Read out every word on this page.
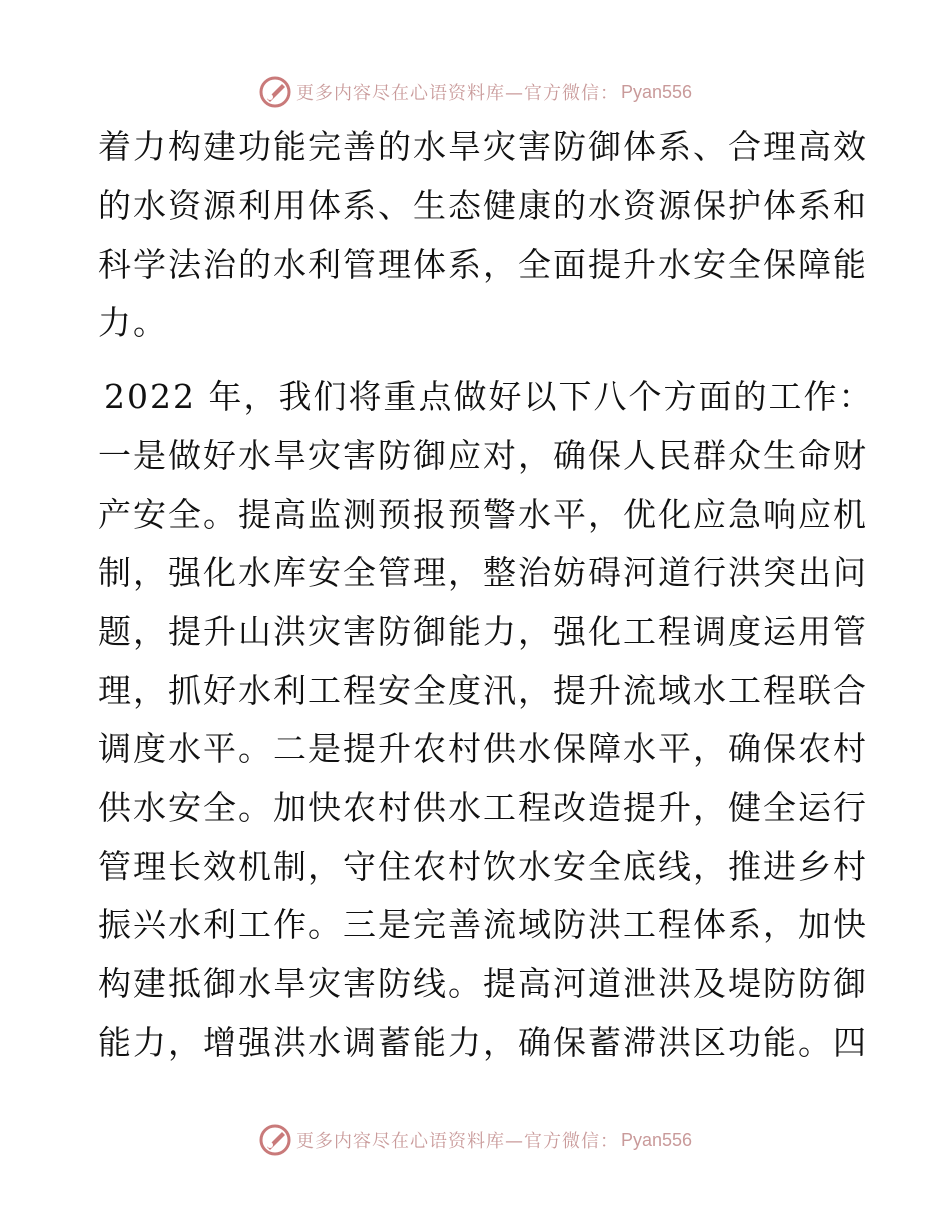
更多内容尽在心语资料库—官方微信： Pyan556
着力构建功能完善的水旱灾害防御体系、合理高效
的水资源利用体系、生态健康的水资源保护体系和
科学法治的水利管理体系，全面提升水安全保障能
力。
2022 年，我们将重点做好以下八个方面的工作：
一是做好水旱灾害防御应对，确保人民群众生命财
产安全。提高监测预报预警水平，优化应急响应机
制，强化水库安全管理，整治妨碍河道行洪突出问
题，提升山洪灾害防御能力，强化工程调度运用管
理，抓好水利工程安全度汛，提升流域水工程联合
调度水平。二是提升农村供水保障水平，确保农村
供水安全。加快农村供水工程改造提升，健全运行
管理长效机制，守住农村饮水安全底线，推进乡村
振兴水利工作。三是完善流域防洪工程体系，加快
构建抵御水旱灾害防线。提高河道泄洪及堤防防御
能力，增强洪水调蓄能力，确保蓄滞洪区功能。四
更多内容尽在心语资料库—官方微信： Pyan556
